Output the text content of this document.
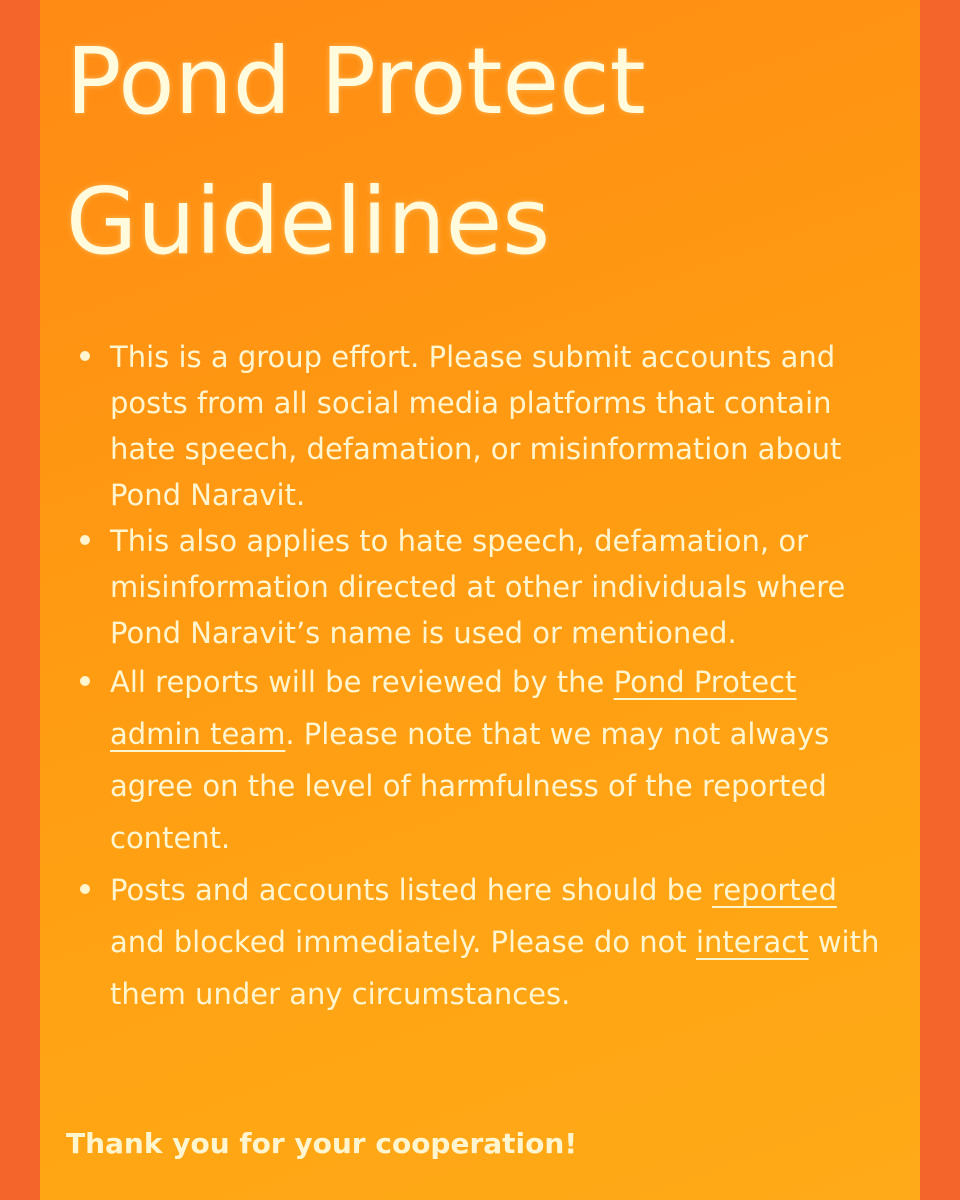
Pond Protect
Guidelines
This is a group effort. Please submit accounts and posts from all social media platforms that contain hate speech, defamation, or misinformation about Pond Naravit.
This also applies to hate speech, defamation, or misinformation directed at other individuals where Pond Naravit’s name is used or mentioned.
All reports will be reviewed by the Pond Protect admin team. Please note that we may not always agree on the level of harmfulness of the reported content.
Posts and accounts listed here should be reported and blocked immediately. Please do not interact with them under any circumstances.

Thank you for your cooperation!
